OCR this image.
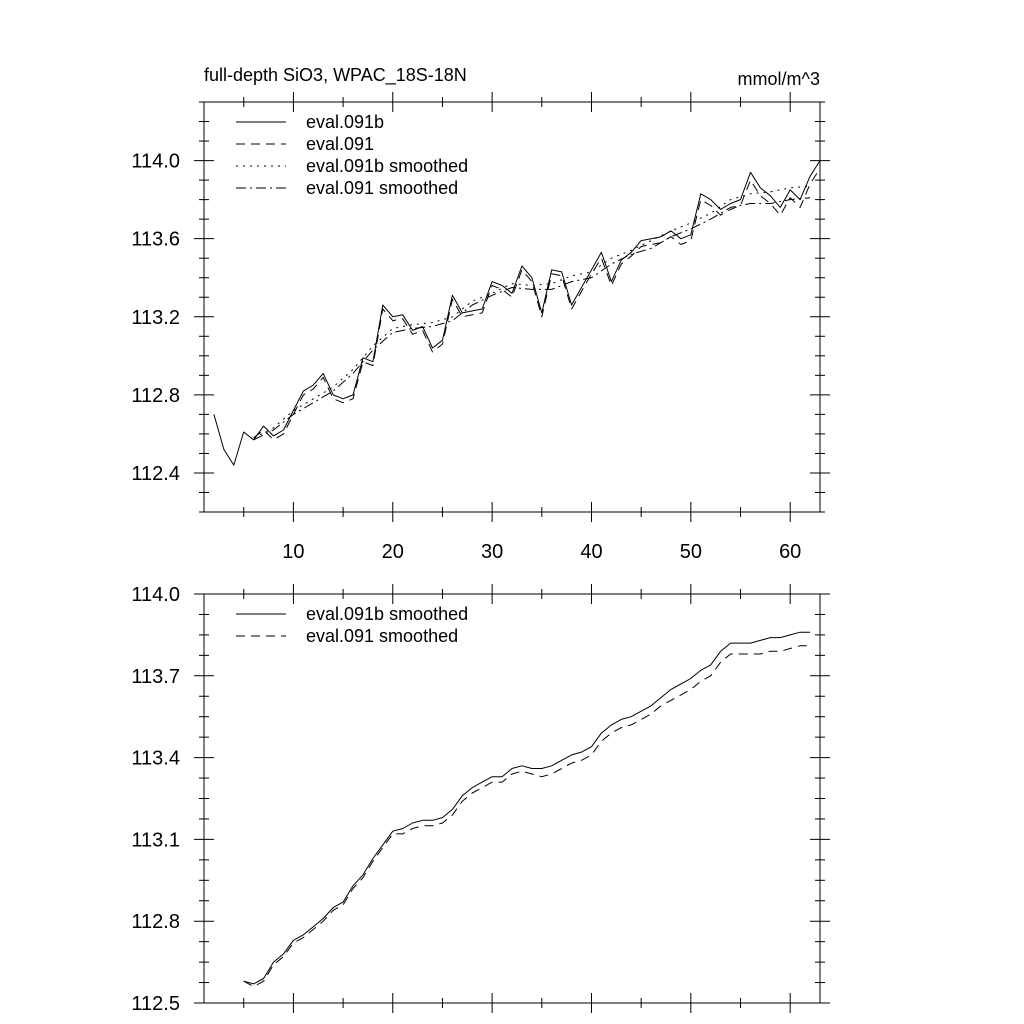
full-depth SiO3, WPAC_18S-18N	mmol/m^3
10	20	30	40	50	60
112.4
112.8
113.2
113.6
114.0
eval.091b
eval.091
eval.091b smoothed
eval.091 smoothed
112.5
112.8
113.1
113.4
113.7
114.0
eval.091b smoothed
eval.091 smoothed
